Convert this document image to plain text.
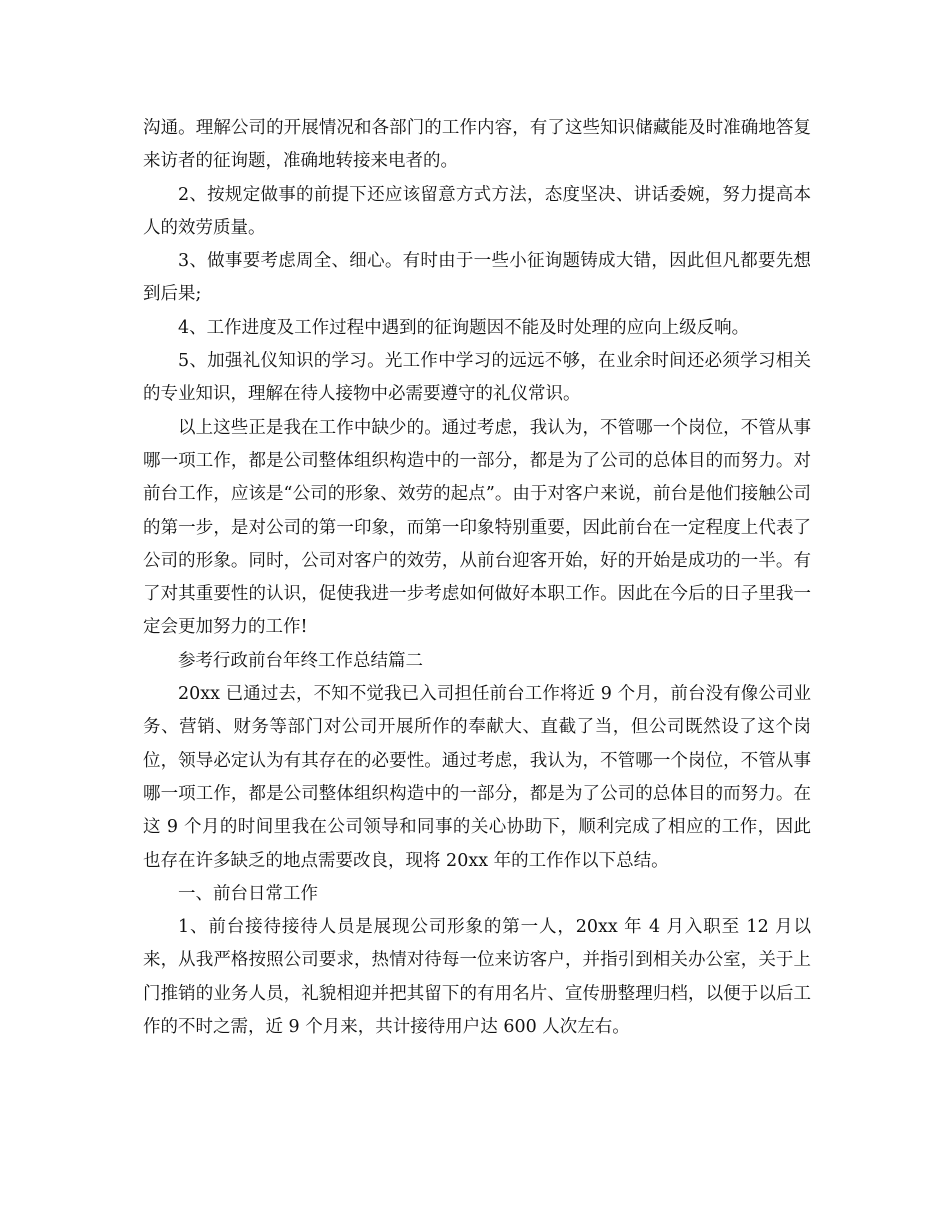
沟通。理解公司的开展情况和各部门的工作内容，有了这些知识储藏能及时准确地答复来访者的征询题，准确地转接来电者的。

2、按规定做事的前提下还应该留意方式方法，态度坚决、讲话委婉，努力提高本人的效劳质量。

3、做事要考虑周全、细心。有时由于一些小征询题铸成大错，因此但凡都要先想到后果;

4、工作进度及工作过程中遇到的征询题因不能及时处理的应向上级反响。

5、加强礼仪知识的学习。光工作中学习的远远不够，在业余时间还必须学习相关的专业知识，理解在待人接物中必需要遵守的礼仪常识。

以上这些正是我在工作中缺少的。通过考虑，我认为，不管哪一个岗位，不管从事哪一项工作，都是公司整体组织构造中的一部分，都是为了公司的总体目的而努力。对前台工作，应该是“公司的形象、效劳的起点”。由于对客户来说，前台是他们接触公司的第一步，是对公司的第一印象，而第一印象特别重要，因此前台在一定程度上代表了公司的形象。同时，公司对客户的效劳，从前台迎客开始，好的开始是成功的一半。有了对其重要性的认识，促使我进一步考虑如何做好本职工作。因此在今后的日子里我一定会更加努力的工作!

参考行政前台年终工作总结篇二

20xx 已通过去，不知不觉我已入司担任前台工作将近 9 个月，前台没有像公司业务、营销、财务等部门对公司开展所作的奉献大、直截了当，但公司既然设了这个岗位，领导必定认为有其存在的必要性。通过考虑，我认为，不管哪一个岗位，不管从事哪一项工作，都是公司整体组织构造中的一部分，都是为了公司的总体目的而努力。在这 9 个月的时间里我在公司领导和同事的关心协助下，顺利完成了相应的工作，因此也存在许多缺乏的地点需要改良，现将 20xx 年的工作作以下总结。

一、前台日常工作

1、前台接待接待人员是展现公司形象的第一人，20xx 年 4 月入职至 12 月以来，从我严格按照公司要求，热情对待每一位来访客户，并指引到相关办公室，关于上门推销的业务人员，礼貌相迎并把其留下的有用名片、宣传册整理归档，以便于以后工作的不时之需，近 9 个月来，共计接待用户达 600 人次左右。
